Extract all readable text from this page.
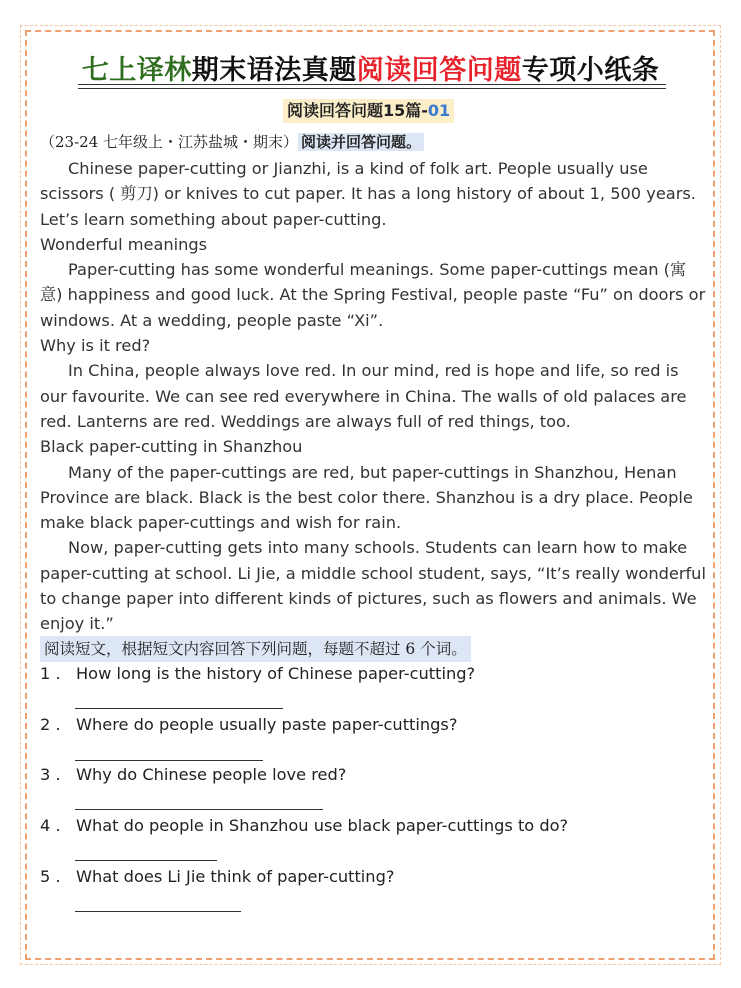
七上译林期末语法真题阅读回答问题专项小纸条
阅读回答问题15篇-01
（23-24 七年级上・江苏盐城・期末） 阅读并回答问题。

Chinese paper-cutting or Jianzhi, is a kind of folk art. People usually use scissors ( 剪刀) or knives to cut paper. It has a long history of about 1, 500 years. Let’s learn something about paper-cutting.

Wonderful meanings

Paper-cutting has some wonderful meanings. Some paper-cuttings mean (寓意) happiness and good luck. At the Spring Festival, people paste “Fu” on doors or windows. At a wedding, people paste “Xi”.

Why is it red?

In China, people always love red. In our mind, red is hope and life, so red is our favourite. We can see red everywhere in China. The walls of old palaces are red. Lanterns are red. Weddings are always full of red things, too.

Black paper-cutting in Shanzhou

Many of the paper-cuttings are red, but paper-cuttings in Shanzhou, Henan Province are black. Black is the best color there. Shanzhou is a dry place. People make black paper-cuttings and wish for rain.

Now, paper-cutting gets into many schools. Students can learn how to make paper-cutting at school. Li Jie, a middle school student, says, “It’s really wonderful to change paper into different kinds of pictures, such as flowers and animals. We enjoy it.”

阅读短文，根据短文内容回答下列问题，每题不超过 6 个词。
1 . How long is the history of Chinese paper-cutting?
2 . Where do people usually paste paper-cuttings?
3 . Why do Chinese people love red?
4 . What do people in Shanzhou use black paper-cuttings to do?
5 . What does Li Jie think of paper-cutting?
